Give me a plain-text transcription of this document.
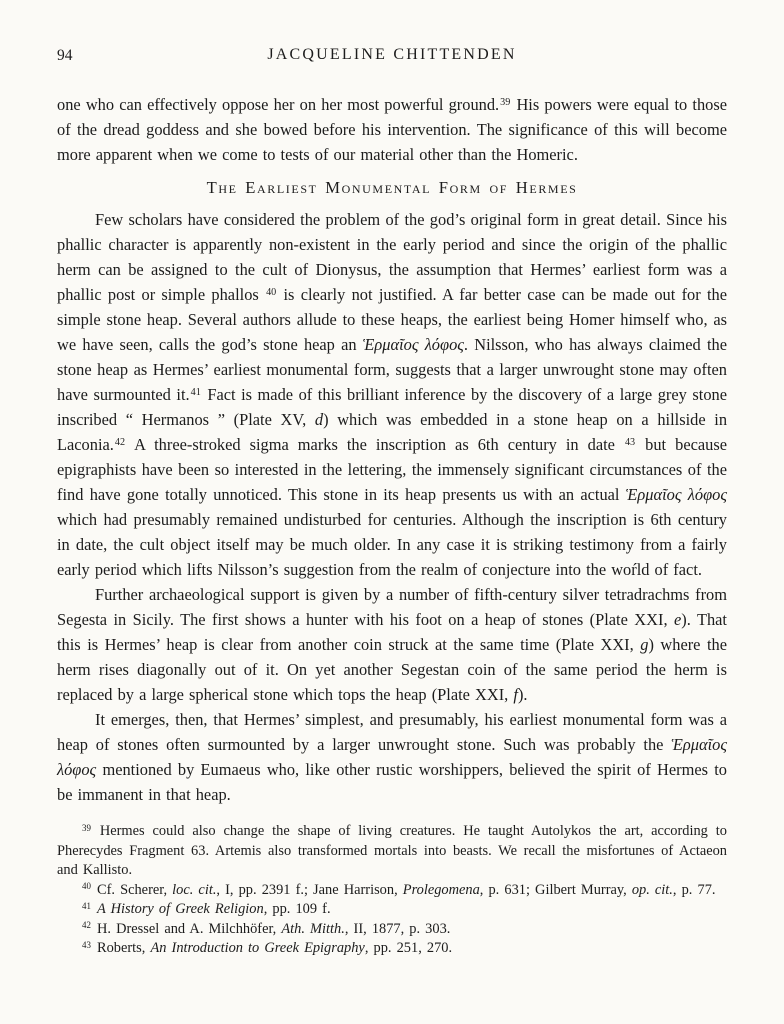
94	JACQUELINE CHITTENDEN

one who can effectively oppose her on her most powerful ground.$^{39}$ His powers were equal to those of the dread goddess and she bowed before his intervention. The significance of this will become more apparent when we come to tests of our material other than the Homeric.

The Earliest Monumental Form of Hermes

Few scholars have considered the problem of the god’s original form in great detail. Since his phallic character is apparently non-existent in the early period and since the origin of the phallic herm can be assigned to the cult of Dionysus, the assumption that Hermes’ earliest form was a phallic post or simple phallos $^{40}$ is clearly not justified. A far better case can be made out for the simple stone heap. Several authors allude to these heaps, the earliest being Homer himself who, as we have seen, calls the god’s stone heap an Ἑρμαῖος λόφος. Nilsson, who has always claimed the stone heap as Hermes’ earliest monumental form, suggests that a larger unwrought stone may often have surmounted it.$^{41}$ Fact is made of this brilliant inference by the discovery of a large grey stone inscribed “ Hermanos ” (Plate XV, d) which was embedded in a stone heap on a hillside in Laconia.$^{42}$ A three-stroked sigma marks the inscription as 6th century in date $^{43}$ but because epigraphists have been so interested in the lettering, the immensely significant circumstances of the find have gone totally unnoticed. This stone in its heap presents us with an actual Ἑρμαῖος λόφος which had presumably remained undisturbed for centuries. Although the inscription is 6th century in date, the cult object itself may be much older. In any case it is striking testimony from a fairly early period which lifts Nilsson’s suggestion from the realm of conjecture into the woŕld of fact.

Further archaeological support is given by a number of fifth-century silver tetradrachms from Segesta in Sicily. The first shows a hunter with his foot on a heap of stones (Plate XXI, e). That this is Hermes’ heap is clear from another coin struck at the same time (Plate XXI, g) where the herm rises diagonally out of it. On yet another Segestan coin of the same period the herm is replaced by a large spherical stone which tops the heap (Plate XXI, f).

It emerges, then, that Hermes’ simplest, and presumably, his earliest monumental form was a heap of stones often surmounted by a larger unwrought stone. Such was probably the Ἑρμαῖος λόφος mentioned by Eumaeus who, like other rustic worshippers, believed the spirit of Hermes to be immanent in that heap.

$^{39}$ Hermes could also change the shape of living creatures. He taught Autolykos the art, according to Pherecydes Fragment 63. Artemis also transformed mortals into beasts. We recall the misfortunes of Actaeon and Kallisto.

$^{40}$ Cf. Scherer, loc. cit., I, pp. 2391 f.; Jane Harrison, Prolegomena, p. 631; Gilbert Murray, op. cit., p. 77.

$^{41}$ A History of Greek Religion, pp. 109 f.

$^{42}$ H. Dressel and A. Milchhöfer, Ath. Mitth., II, 1877, p. 303.

$^{43}$ Roberts, An Introduction to Greek Epigraphy, pp. 251, 270.
